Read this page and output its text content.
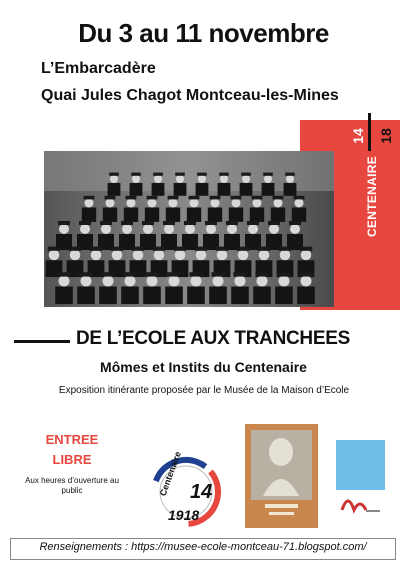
Du 3 au 11 novembre
L’Embarcadère
Quai Jules Chagot Montceau-les-Mines
CENTENAIRE
14 18
DE L’ECOLE AUX TRANCHEES
Mômes et Instits du Centenaire
Exposition itinérante proposée par le Musée de la Maison d’Ecole
ENTREE
LIBRE
Aux heures d’ouverture au public	Centenaire 14
1918
Renseignements : https://musee-ecole-montceau-71.blogspot.com/
